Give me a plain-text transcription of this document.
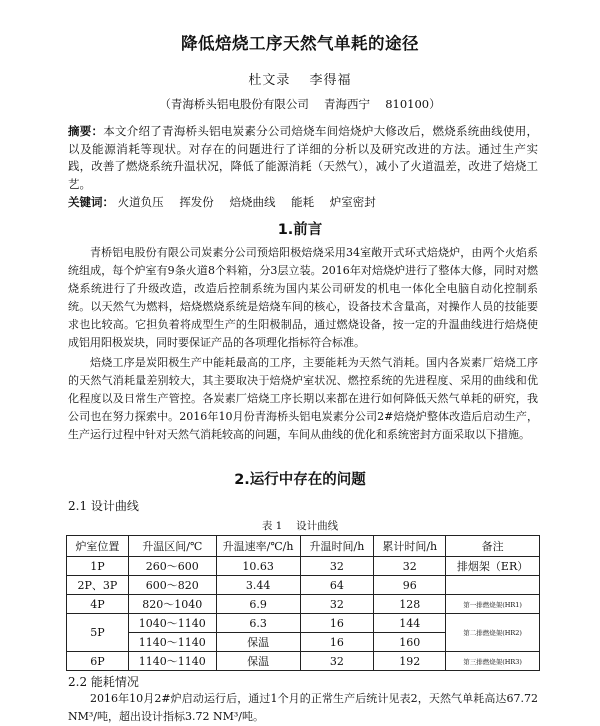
降低焙烧工序天然气单耗的途径
杜文录　 李得福
（青海桥头铝电股份有限公司　 青海西宁　 810100）
摘要：本文介绍了青海桥头铝电炭素分公司焙烧车间焙烧炉大修改后，燃烧系统曲线使用，以及能源消耗等现状。对存在的问题进行了详细的分析以及研究改进的方法。通过生产实践，改善了燃烧系统升温状况，降低了能源消耗（天然气），减小了火道温差，改进了焙烧工艺。
关键词： 火道负压 挥发份 焙烧曲线 能耗 炉室密封
1.前言

青桥铝电股份有限公司炭素分公司预焙阳极焙烧采用34室敞开式环式焙烧炉，由两个火焰系统组成，每个炉室有9条火道8个料箱，分3层立装。2016年对焙烧炉进行了整体大修，同时对燃烧系统进行了升级改造，改造后控制系统为国内某公司研发的机电一体化全电脑自动化控制系统。以天然气为燃料，焙烧燃烧系统是焙烧车间的核心，设备技术含量高，对操作人员的技能要求也比较高。它担负着将成型生产的生阳极制品，通过燃烧设备，按一定的升温曲线进行焙烧使成铝用阳极炭块，同时要保证产品的各项理化指标符合标准。

焙烧工序是炭阳极生产中能耗最高的工序，主要能耗为天然气消耗。国内各炭素厂焙烧工序的天然气消耗量差别较大，其主要取决于焙烧炉室状况、燃控系统的先进程度、采用的曲线和优化程度以及日常生产管控。各炭素厂焙烧工序长期以来都在进行如何降低天然气单耗的研究，我公司也在努力探索中。2016年10月份青海桥头铝电炭素分公司2#焙烧炉整体改造后启动生产，生产运行过程中针对天然气消耗较高的问题，车间从曲线的优化和系统密封方面采取以下措施。

2.运行中存在的问题
2.1 设计曲线
表 1　 设计曲线
炉室位置	升温区间/℃	升温速率/℃/h	升温时间/h	累计时间/h	备注
1P	260～600	10.63	32	32	排烟架（ER）
2P、3P	600～820	3.44	64	96	
4P	820～1040	6.9	32	128	第一排燃烧架(HR1)
5P	1040～1140	6.3	16	144	第二排燃烧架(HR2)
	1140～1140	保温	16	160	
6P	1140～1140	保温	32	192	第三排燃烧架(HR3)
2.2 能耗情况

2016年10月2#炉启动运行后，通过1个月的正常生产后统计见表2，天然气单耗高达67.72 NM³/吨，超出设计指标3.72 NM³/吨。
